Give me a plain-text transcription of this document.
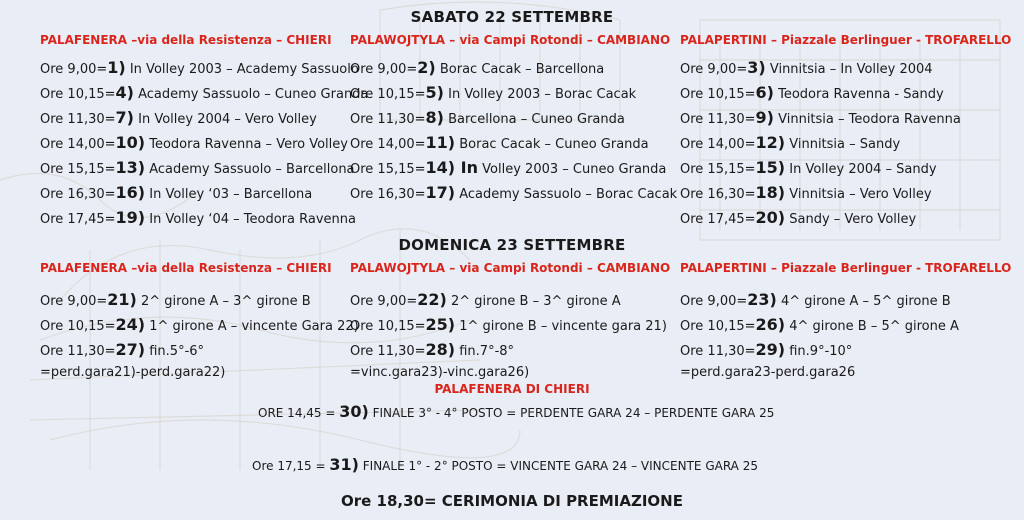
SABATO 22 SETTEMBRE
PALAFENERA –via della Resistenza – CHIERI
Ore 9,00=1) In Volley 2003 – Academy Sassuolo
Ore 10,15=4) Academy Sassuolo – Cuneo Granda
Ore 11,30=7) In Volley 2004 – Vero Volley
Ore 14,00=10) Teodora Ravenna – Vero Volley
Ore 15,15=13) Academy Sassuolo – Barcellona
Ore 16,30=16) In Volley ‘03 – Barcellona
Ore 17,45=19) In Volley ‘04 – Teodora Ravenna
PALAWOJTYLA – via Campi Rotondi – CAMBIANO
Ore 9,00=2) Borac Cacak – Barcellona
Ore 10,15=5) In Volley 2003 – Borac Cacak
Ore 11,30=8) Barcellona – Cuneo Granda
Ore 14,00=11) Borac Cacak – Cuneo Granda
Ore 15,15=14) In Volley 2003 – Cuneo Granda
Ore 16,30=17) Academy Sassuolo – Borac Cacak
PALAPERTINI – Piazzale Berlinguer - TROFARELLO
Ore 9,00=3) Vinnitsia – In Volley 2004
Ore 10,15=6) Teodora Ravenna - Sandy
Ore 11,30=9) Vinnitsia – Teodora Ravenna
Ore 14,00=12) Vinnitsia – Sandy
Ore 15,15=15) In Volley 2004 – Sandy
Ore 16,30=18) Vinnitsia – Vero Volley
Ore 17,45=20) Sandy – Vero Volley
DOMENICA 23 SETTEMBRE
PALAFENERA –via della Resistenza – CHIERI
Ore 9,00=21) 2^ girone A – 3^ girone B
Ore 10,15=24) 1^ girone A – vincente Gara 22)
Ore 11,30=27) fin.5°-6°
=perd.gara21)-perd.gara22)
PALAWOJTYLA – via Campi Rotondi – CAMBIANO
Ore 9,00=22) 2^ girone B – 3^ girone A
Ore 10,15=25) 1^ girone B – vincente gara 21)
Ore 11,30=28) fin.7°-8°
=vinc.gara23)-vinc.gara26)
PALAPERTINI – Piazzale Berlinguer - TROFARELLO
Ore 9,00=23) 4^ girone A – 5^ girone B
Ore 10,15=26) 4^ girone B – 5^ girone A
Ore 11,30=29) fin.9°-10°
=perd.gara23-perd.gara26
PALAFENERA DI CHIERI
ORE 14,45 = 30) FINALE 3° - 4° POSTO = PERDENTE GARA 24 – PERDENTE GARA 25
Ore 17,15 = 31) FINALE 1° - 2° POSTO = VINCENTE GARA 24 – VINCENTE GARA 25
Ore 18,30= CERIMONIA DI PREMIAZIONE
